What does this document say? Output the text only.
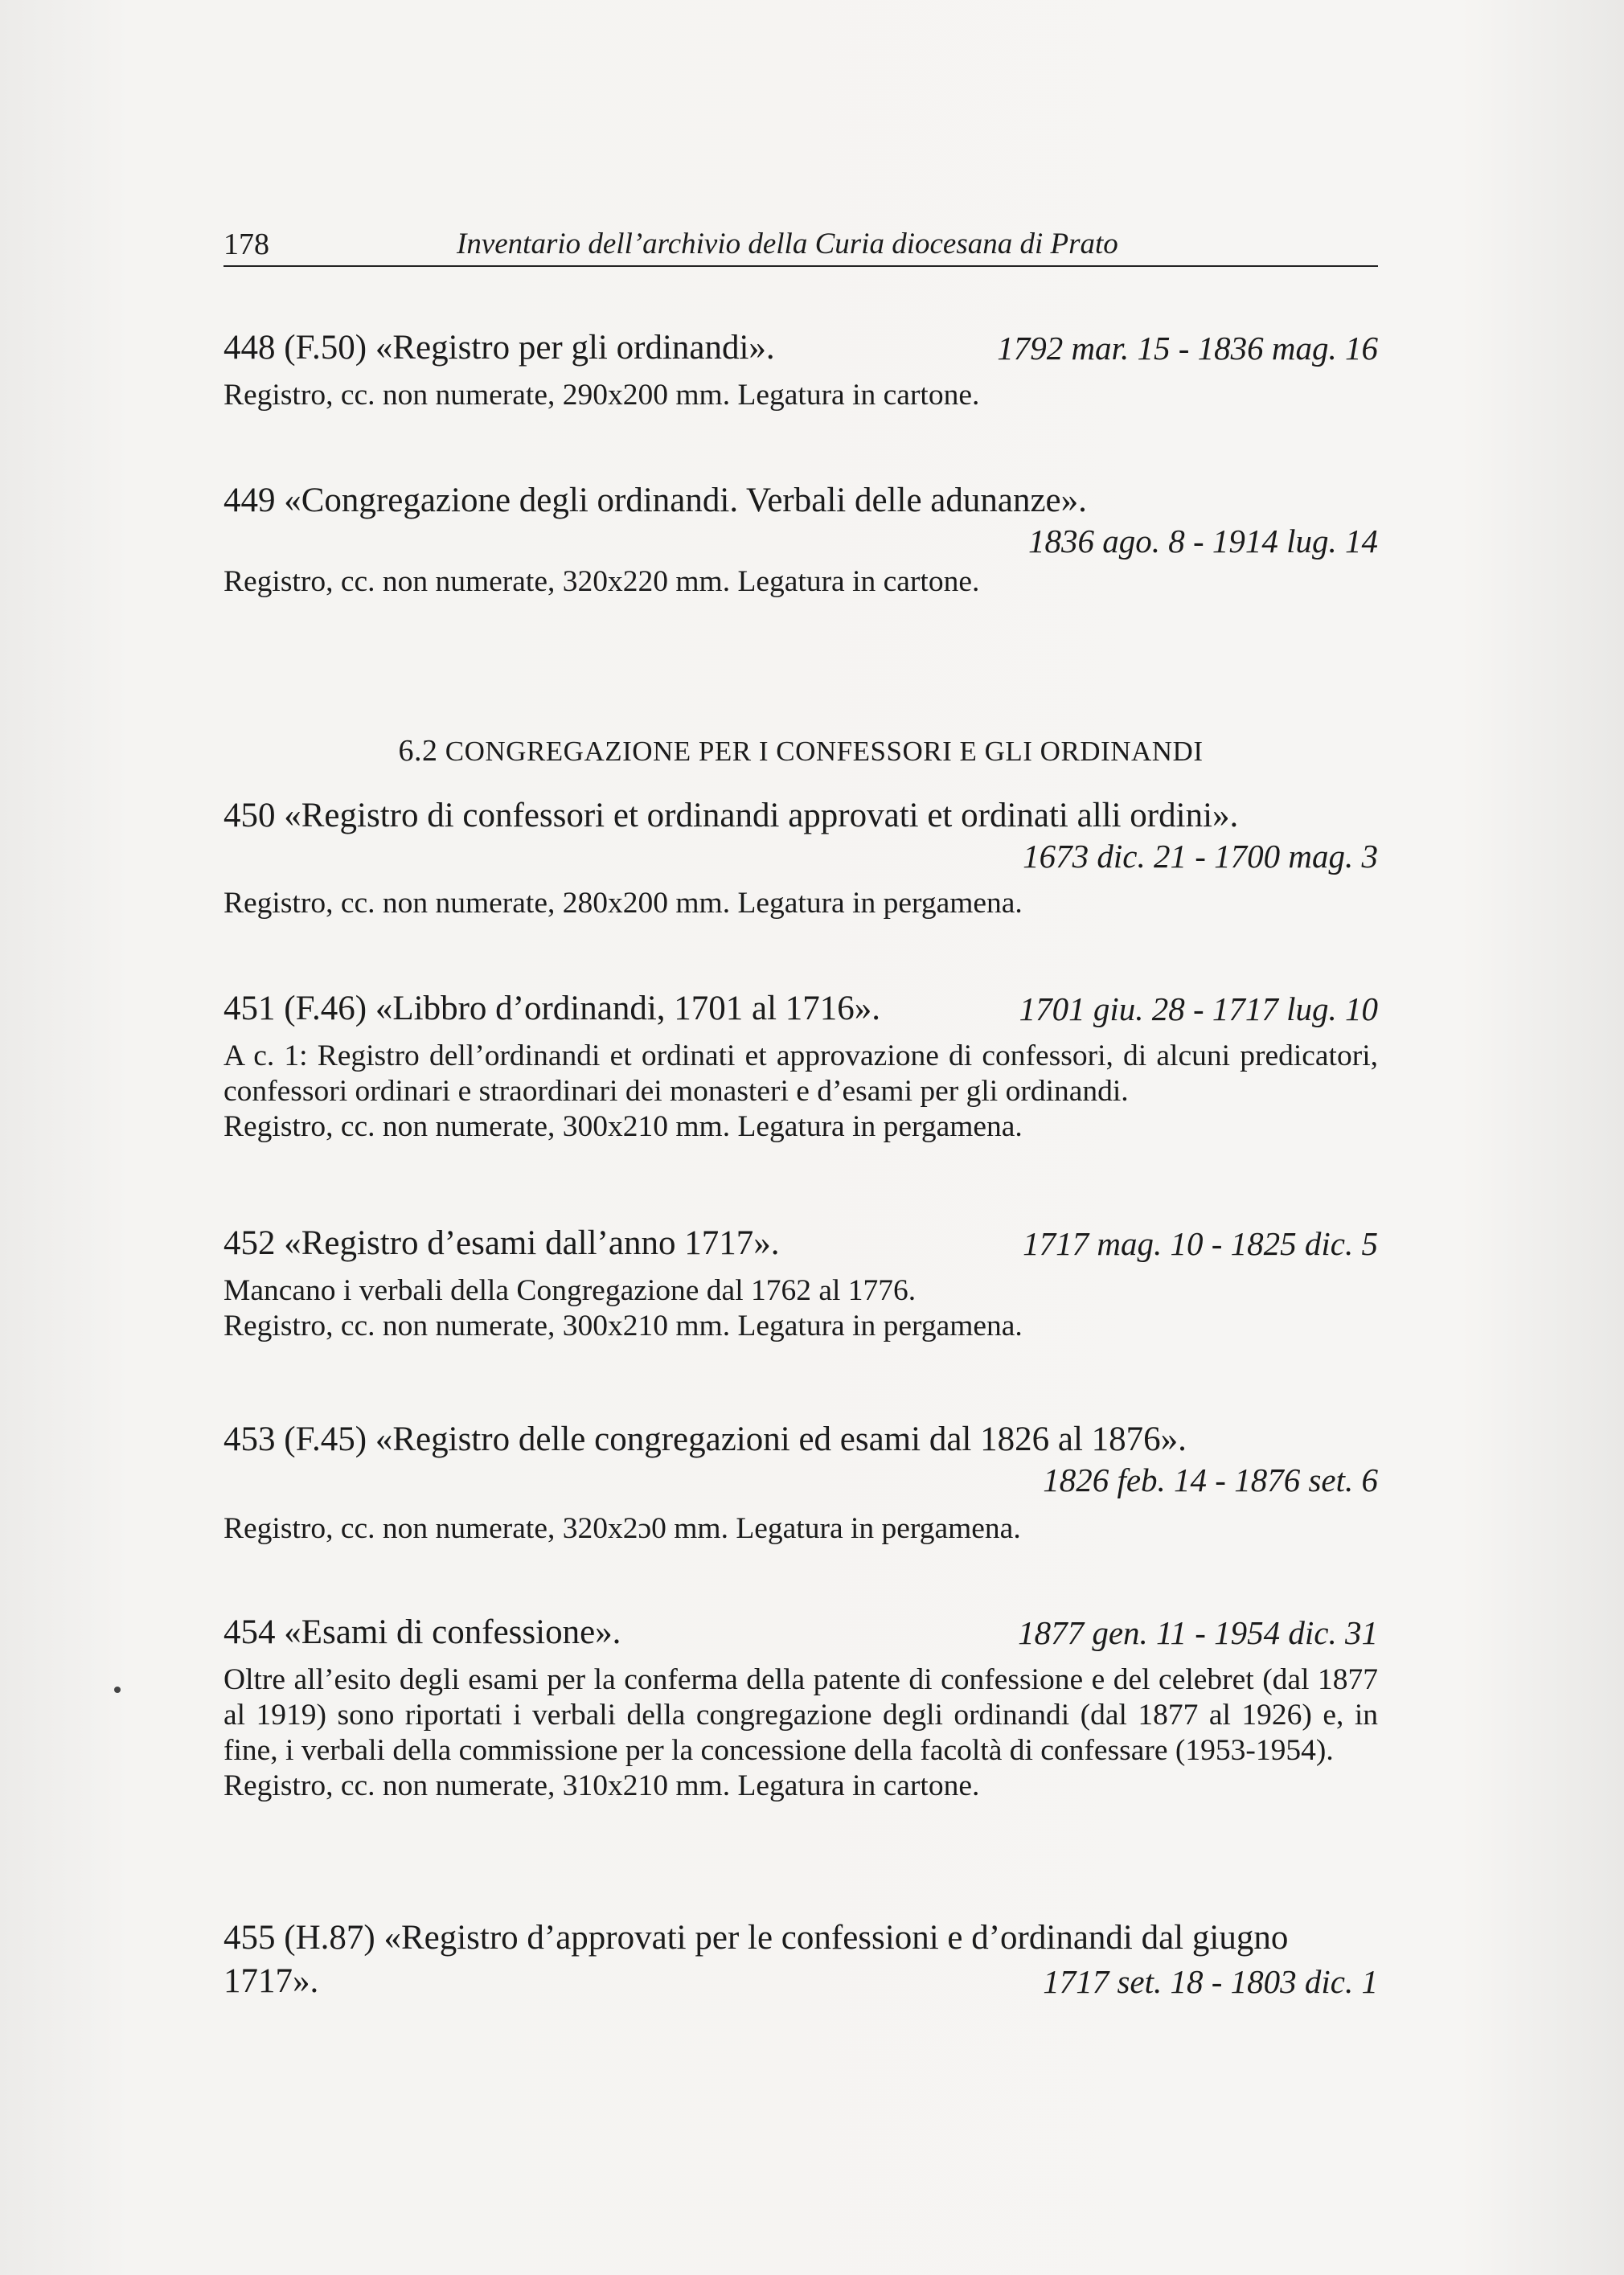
178	Inventario dell’archivio della Curia diocesana di Prato
448 (F.50) «Registro per gli ordinandi».	1792 mar. 15 - 1836 mag. 16

Registro, cc. non numerate, 290x200 mm. Legatura in cartone.

449 «Congregazione degli ordinandi. Verbali delle adunanze».
1836 ago. 8 - 1914 lug. 14

Registro, cc. non numerate, 320x220 mm. Legatura in cartone.

6.2 CONGREGAZIONE PER I CONFESSORI E GLI ORDINANDI
450 «Registro di confessori et ordinandi approvati et ordinati alli ordini».
1673 dic. 21 - 1700 mag. 3

Registro, cc. non numerate, 280x200 mm. Legatura in pergamena.

451 (F.46) «Libbro d’ordinandi, 1701 al 1716».	1701 giu. 28 - 1717 lug. 10

A c. 1: Registro dell’ordinandi et ordinati et approvazione di confessori, di alcuni predicatori, confessori ordinari e straordinari dei monasteri e d’esami per gli ordinandi.

Registro, cc. non numerate, 300x210 mm. Legatura in pergamena.

452 «Registro d’esami dall’anno 1717».	1717 mag. 10 - 1825 dic. 5

Mancano i verbali della Congregazione dal 1762 al 1776.

Registro, cc. non numerate, 300x210 mm. Legatura in pergamena.

453 (F.45) «Registro delle congregazioni ed esami dal 1826 al 1876».
1826 feb. 14 - 1876 set. 6

Registro, cc. non numerate, 320x2ɔ0 mm. Legatura in pergamena.

454 «Esami di confessione».	1877 gen. 11 - 1954 dic. 31

Oltre all’esito degli esami per la conferma della patente di confessione e del celebret (dal 1877 al 1919) sono riportati i verbali della congregazione degli ordinandi (dal 1877 al 1926) e, in fine, i verbali della commissione per la concessione della facoltà di confessare (1953-1954).

Registro, cc. non numerate, 310x210 mm. Legatura in cartone.

455 (H.87) «Registro d’approvati per le confessioni e d’ordinandi dal giugno
1717».	1717 set. 18 - 1803 dic. 1
